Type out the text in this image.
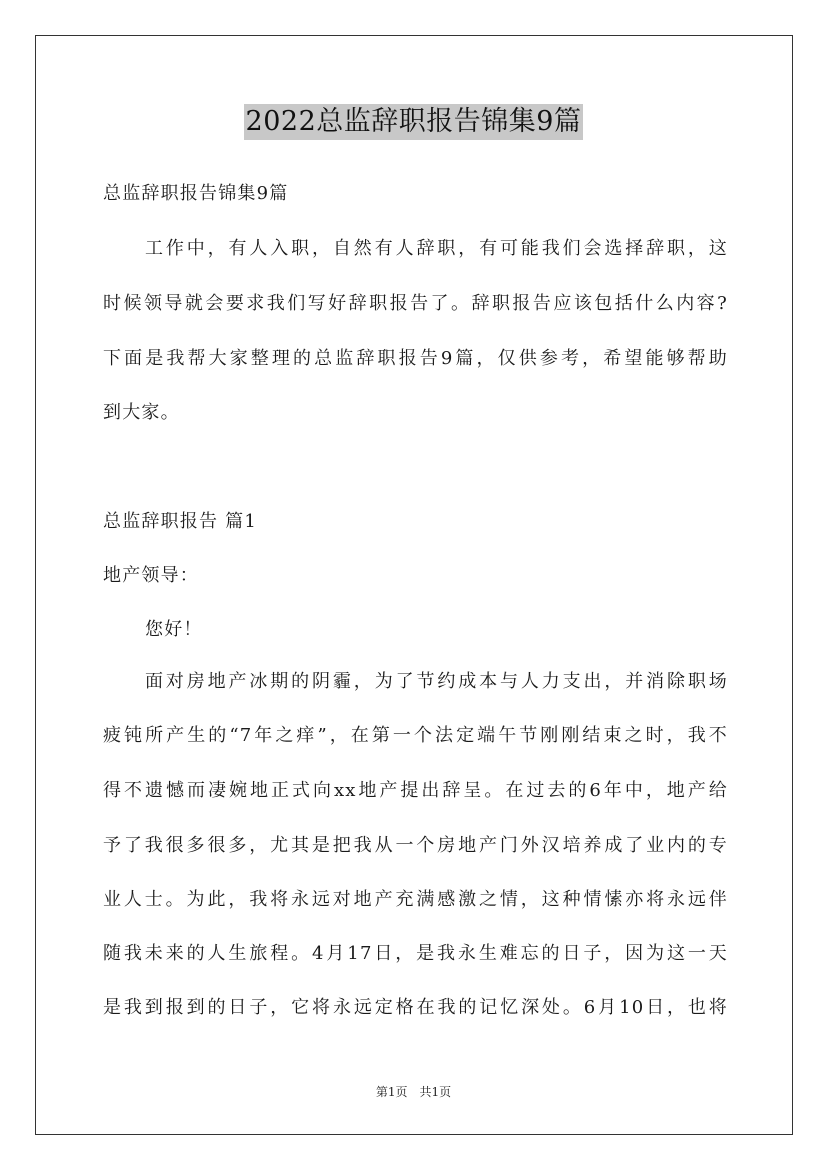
2022总监辞职报告锦集9篇
总监辞职报告锦集9篇
工作中，有人入职，自然有人辞职，有可能我们会选择辞职，这
时候领导就会要求我们写好辞职报告了。辞职报告应该包括什么内容?
下面是我帮大家整理的总监辞职报告9篇，仅供参考，希望能够帮助
到大家。
总监辞职报告 篇1
地产领导：
您好！
面对房地产冰期的阴霾，为了节约成本与人力支出，并消除职场
疲钝所产生的“7年之痒”，在第一个法定端午节刚刚结束之时，我不
得不遗憾而凄婉地正式向xx地产提出辞呈。在过去的6年中，地产给
予了我很多很多，尤其是把我从一个房地产门外汉培养成了业内的专
业人士。为此，我将永远对地产充满感激之情，这种情愫亦将永远伴
随我未来的人生旅程。4月17日，是我永生难忘的日子，因为这一天
是我到报到的日子，它将永远定格在我的记忆深处。6月10日，也将
第1页　共1页
